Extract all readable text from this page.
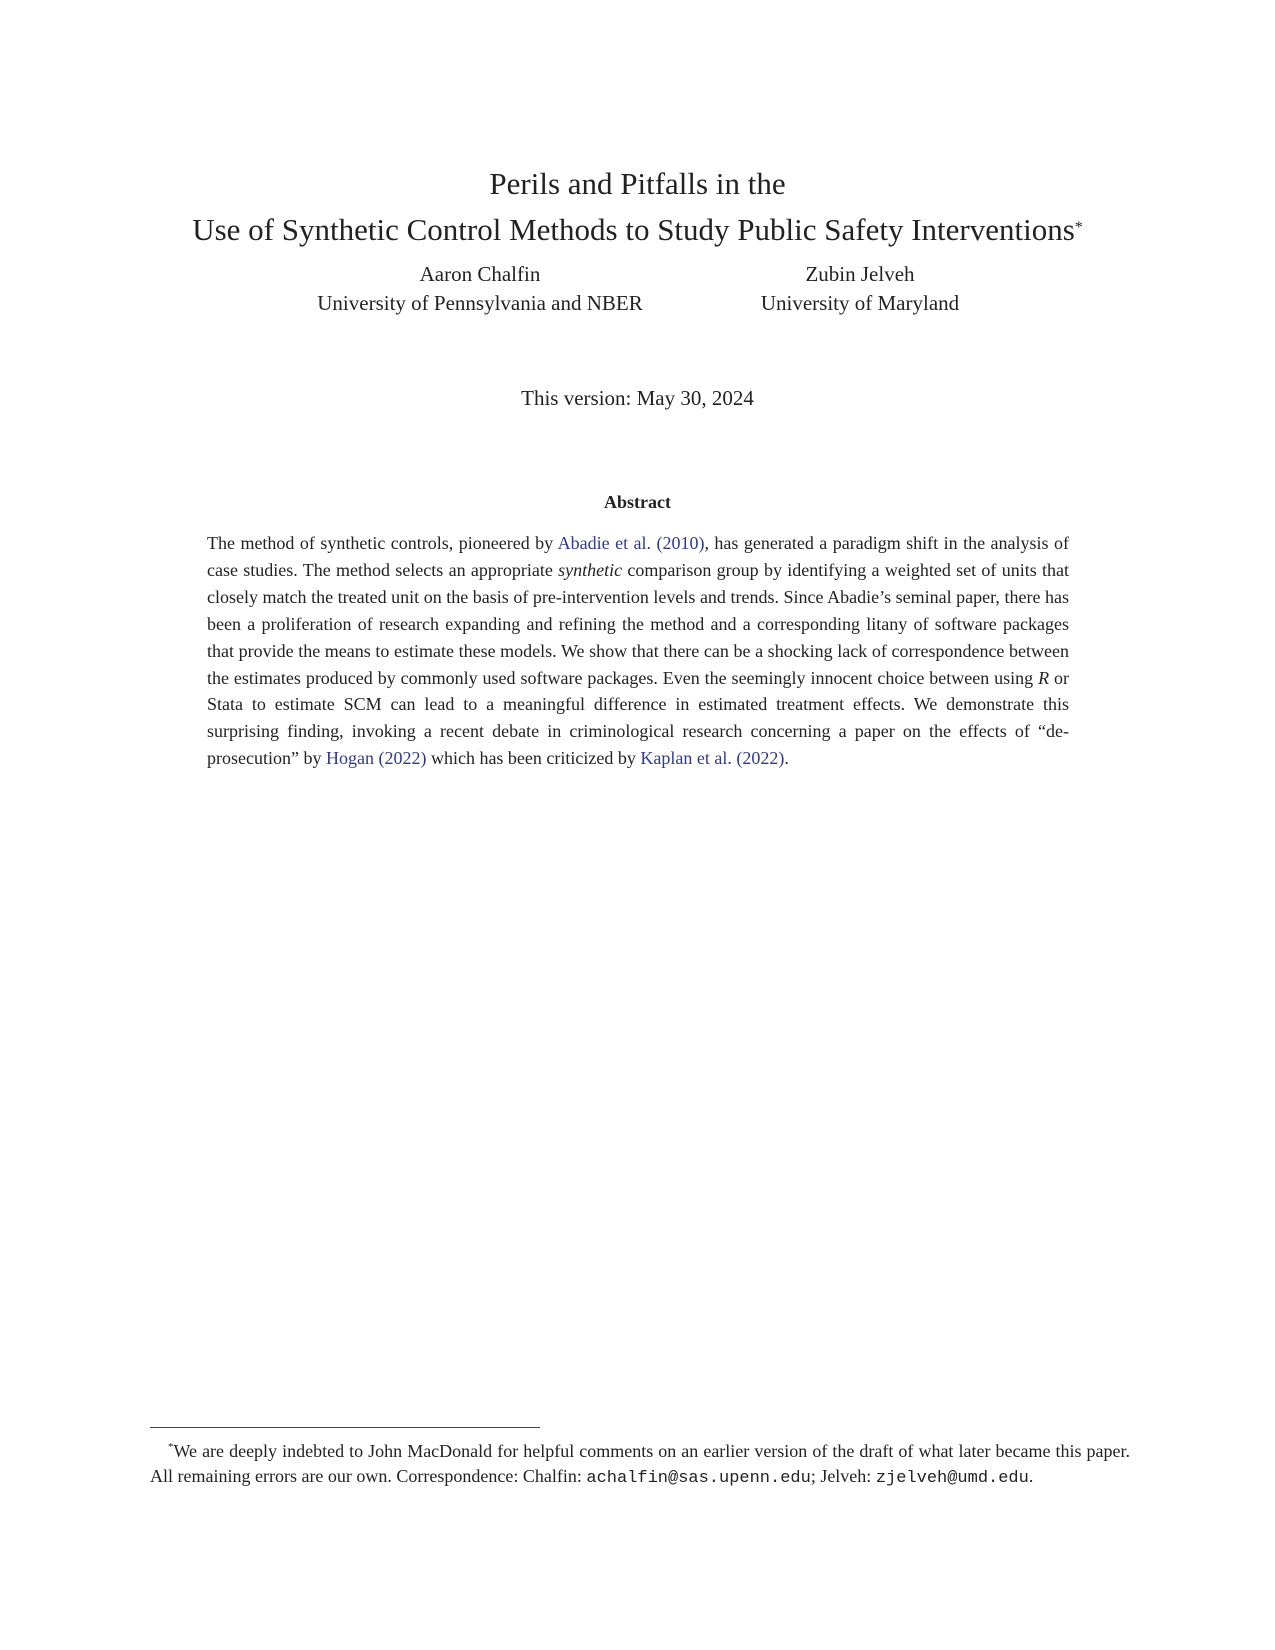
Perils and Pitfalls in the
Use of Synthetic Control Methods to Study Public Safety Interventions*
Aaron Chalfin
University of Pennsylvania and NBER
Zubin Jelveh
University of Maryland
This version: May 30, 2024
Abstract

The method of synthetic controls, pioneered by Abadie et al. (2010), has generated a paradigm shift in the analysis of case studies. The method selects an appropriate synthetic comparison group by identifying a weighted set of units that closely match the treated unit on the basis of pre-intervention levels and trends. Since Abadie’s seminal paper, there has been a proliferation of research expanding and refining the method and a corresponding litany of software packages that provide the means to estimate these models. We show that there can be a shocking lack of correspondence between the estimates produced by commonly used software packages. Even the seemingly innocent choice between using R or Stata to estimate SCM can lead to a meaningful difference in estimated treatment effects. We demonstrate this surprising finding, invoking a recent debate in criminological research concerning a paper on the effects of “de-prosecution” by Hogan (2022) which has been criticized by Kaplan et al. (2022).

 *We are deeply indebted to John MacDonald for helpful comments on an earlier version of the draft of what later became this paper. All remaining errors are our own. Correspondence: Chalfin: achalfin@sas.upenn.edu; Jelveh: zjelveh@umd.edu.
